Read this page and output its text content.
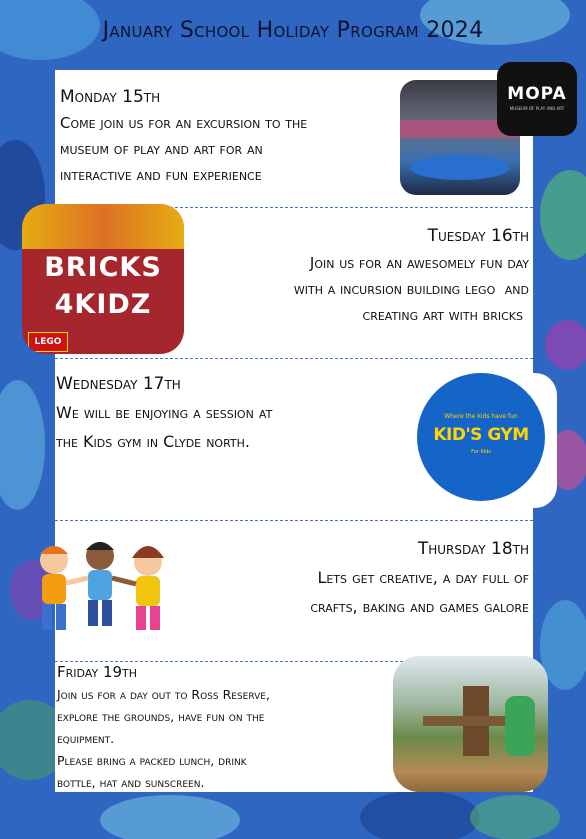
January School Holiday Program 2024
Monday 15th
Come join us for an excursion to the
museum of play and art for an
interactive and fun experience
MOPA
MUSEUM OF PLAY AND ART
BRICKS
4KIDZ
LEGO
Tuesday 16th
Join us for an awesomely fun day
with a incursion building lego  and
creating art with bricks
Wednesday 17th
We will be enjoying a session at
the Kids gym in Clyde north.
Where the kids have fun
KID'S GYM
For Kids
Thursday 18th
Lets get creative, a day full of
crafts, baking and games galore
Friday 19th
Join us for a day out to Ross Reserve,
explore the grounds, have fun on the
equipment.
Please bring a packed lunch, drink
bottle, hat and sunscreen.
